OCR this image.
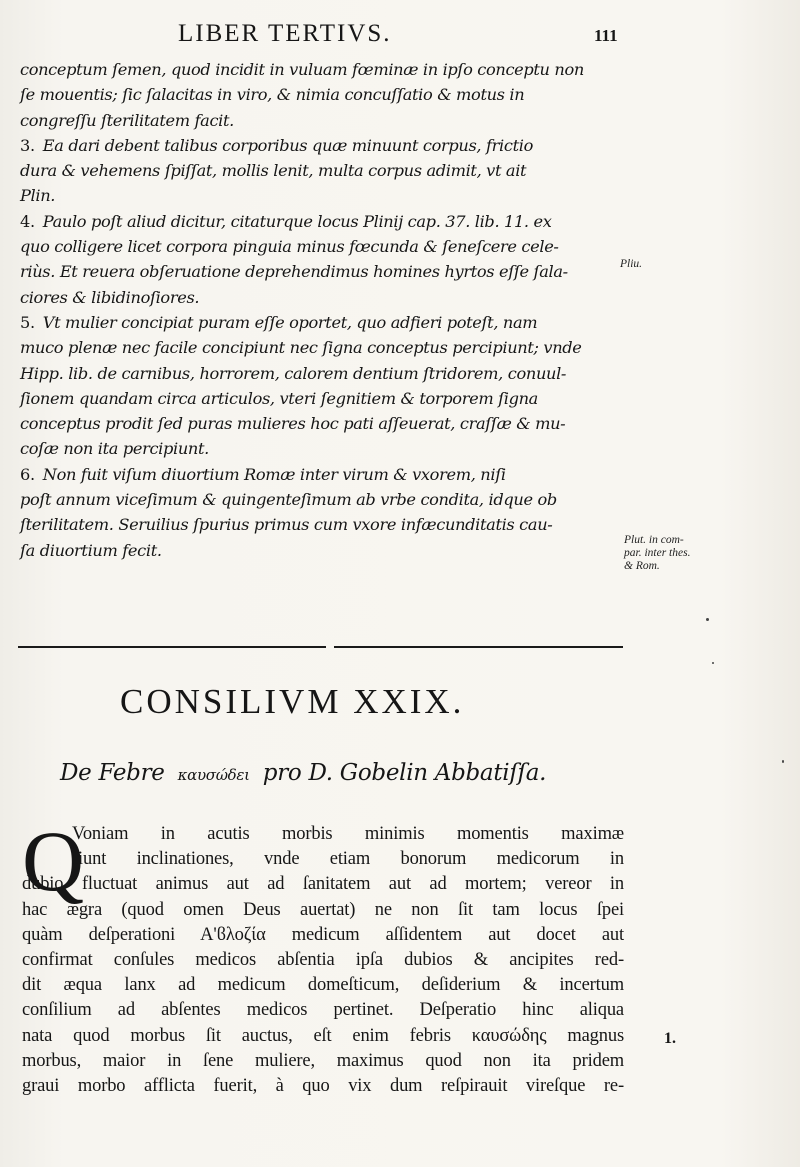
LIBER TERTIVS.	111
conceptum ſemen, quod incidit in vuluam fœminæ in ipſo conceptu non
ſe mouentis; ſic ſalacitas in viro, & nimia concuſſatio & motus in
congreſſu ſterilitatem facit.
3. Ea dari debent talibus corporibus quæ minuunt corpus, frictio
dura & vehemens ſpiſſat, mollis lenit, multa corpus adimit, vt ait
Plin.
4. Paulo poſt aliud dicitur, citaturque locus Plinij cap. 37. lib. 11. ex
quo colligere licet corpora pinguia minus fœcunda & ſeneſcere cele-
riùs. Et reuera obſeruatione deprehendimus homines hyrtos eſſe ſala-
ciores & libidinoſiores.
5. Vt mulier concipiat puram eſſe oportet, quo adfieri poteſt, nam
muco plenæ nec facile concipiunt nec ſigna conceptus percipiunt; vnde
Hipp. lib. de carnibus, horrorem, calorem dentium ſtridorem, conuul-
ſionem quandam circa articulos, vteri ſegnitiem & torporem ſigna
conceptus prodit ſed puras mulieres hoc pati aſſeuerat, craſſæ & mu-
coſæ non ita percipiunt.
6. Non fuit viſum diuortium Romæ inter virum & vxorem, niſi
poſt annum viceſimum & quingenteſimum ab vrbe condita, idque ob
ſterilitatem. Seruilius ſpurius primus cum vxore infæcunditatis cau-
ſa diuortium fecit.
Pliu.
Plut. in com-
par. inter thes.
& Rom.
CONSILIVM XXIX.
De Febre καυσώδει pro D. Gobelin Abbatiſſa.
Q
Voniam in acutis morbis minimis momentis maximæ
fiunt inclinationes, vnde etiam bonorum medicorum in
dubio fluctuat animus aut ad ſanitatem aut ad mortem; vereor in
hac ægra (quod omen Deus auertat) ne non ſit tam locus ſpei
quàm deſperationi A'ϐλοζία medicum aſſidentem aut docet aut
confirmat conſules medicos abſentia ipſa dubios & ancipites red-
dit æqua lanx ad medicum domeſticum, deſiderium & incertum
conſilium ad abſentes medicos pertinet. Deſperatio hinc aliqua
nata quod morbus ſit auctus, eſt enim febris καυσώδης magnus
morbus, maior in ſene muliere, maximus quod non ita pridem
graui morbo afflicta fuerit, à quo vix dum reſpirauit vireſque re-
1.
